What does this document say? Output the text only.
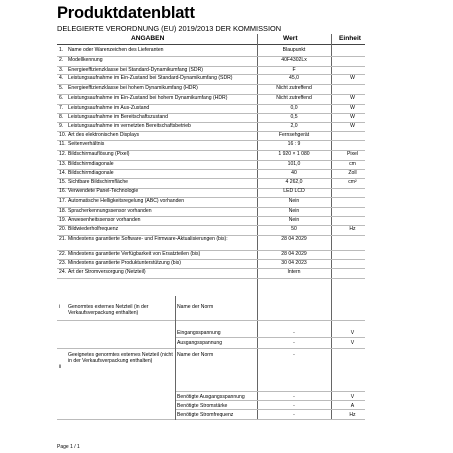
Produktdatenblatt
DELEGIERTE VERORDNUNG (EU) 2019/2013 DER KOMMISSION
ANGABEN	Wert	Einheit
1. Name oder Warenzeichen des Lieferanten	Blaupunkt
2. Modellkennung	40F4302Lx
3. Energieeffizienzklasse bei Standard-Dynamikumfang (SDR)	F
4. Leistungsaufnahme im Ein-Zustand bei Standard-Dynamikumfang (SDR)	45,0	W
5. Energieeffizienzklasse bei hohem Dynamikumfang (HDR)	Nicht zutreffend
6. Leistungsaufnahme im Ein-Zustand bei hohem Dynamikumfang (HDR)	Nicht zutreffend	W
7. Leistungsaufnahme im Aus-Zustand	0,0	W
8. Leistungsaufnahme im Bereitschaftszustand	0,5	W
9. Leistungsaufnahme im vernetzten Bereitschaftsbetrieb	2,0	W
10. Art des elektronischen Displays	Fernsehgerät
11. Seitenverhältnis	16 : 9
12. Bildschirmauflösung (Pixel)	1 920 × 1 080	Pixel
13. Bildschirmdiagonale	101,0	cm
14. Bildschirmdiagonale	40	Zoll
15. Sichtbare Bildschirmfläche	4 262,0	cm²
16. Verwendete Panel-Technologie	LED LCD
17. Automatische Helligkeitsregelung (ABC) vorhanden	Nein
18. Spracherkennungssensor vorhanden	Nein
19. Anwesenheitssensor vorhanden	Nein
20. Bildwiederholfrequenz	50	Hz
21. Mindestens garantierte Software- und Firmware-Aktualisierungen (bis):	28 04 2029
22. Mindestens garantierte Verfügbarkeit von Ersatzteilen (bis)	28 04 2029
23. Mindestens garantierte Produktunterstützung (bis)	30 04 2023
24. Art der Stromversorgung (Netzteil)	Intern
i Genormtes externes Netzteil (in der Verkaufsverpackung enthalten)
Name der Norm
Eingangsspannung	-	V
Ausgangsspannung	-	V
ii
Geeignetes genormtes externes Netzteil (nicht in der Verkaufsverpackung enthalten)
Name der Norm	-
Benötigte Ausgangsspannung	-	V
Benötigte Stromstärke	-	A
Benötigte Stromfrequenz	-	Hz
Page 1 / 1
